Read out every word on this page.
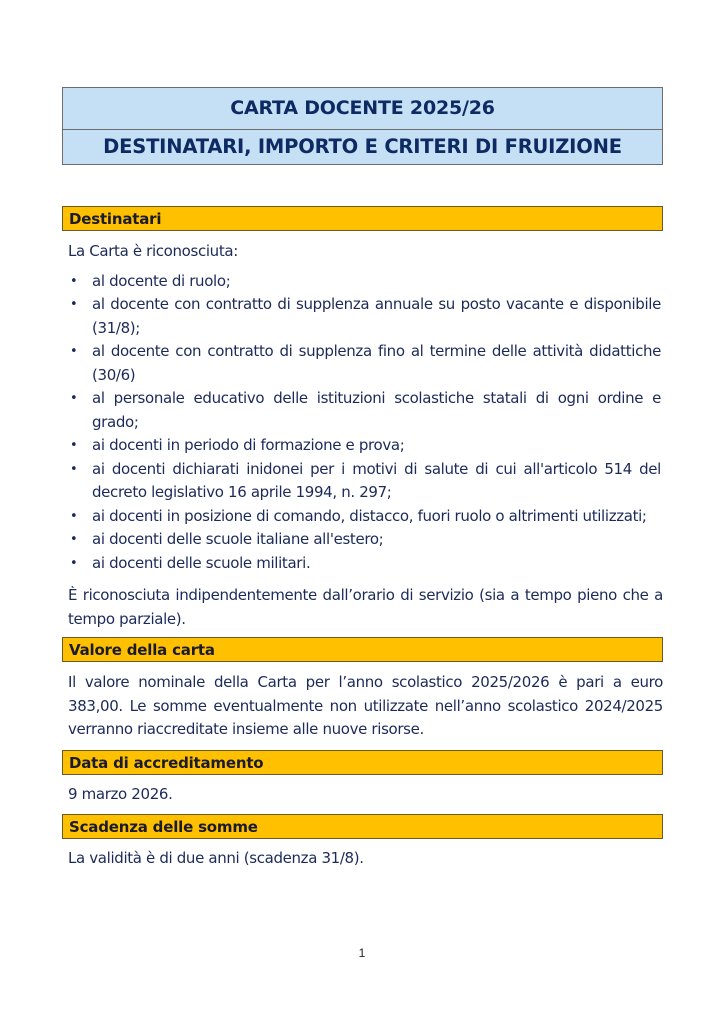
CARTA DOCENTE 2025/26
DESTINATARI, IMPORTO E CRITERI DI FRUIZIONE
Destinatari

La Carta è riconosciuta:

• al docente di ruolo;
• al docente con contratto di supplenza annuale su posto vacante e disponibile (31/8);
• al docente con contratto di supplenza fino al termine delle attività didattiche (30/6)
• al personale educativo delle istituzioni scolastiche statali di ogni ordine e grado;
• ai docenti in periodo di formazione e prova;
• ai docenti dichiarati inidonei per i motivi di salute di cui all'articolo 514 del decreto legislativo 16 aprile 1994, n. 297;
• ai docenti in posizione di comando, distacco, fuori ruolo o altrimenti utilizzati;
• ai docenti delle scuole italiane all'estero;
• ai docenti delle scuole militari.

È riconosciuta indipendentemente dall’orario di servizio (sia a tempo pieno che a tempo parziale).

Valore della carta

Il valore nominale della Carta per l’anno scolastico 2025/2026 è pari a euro 383,00. Le somme eventualmente non utilizzate nell’anno scolastico 2024/2025 verranno riaccreditate insieme alle nuove risorse.

Data di accreditamento

9 marzo 2026.

Scadenza delle somme

La validità è di due anni (scadenza 31/8).

1
